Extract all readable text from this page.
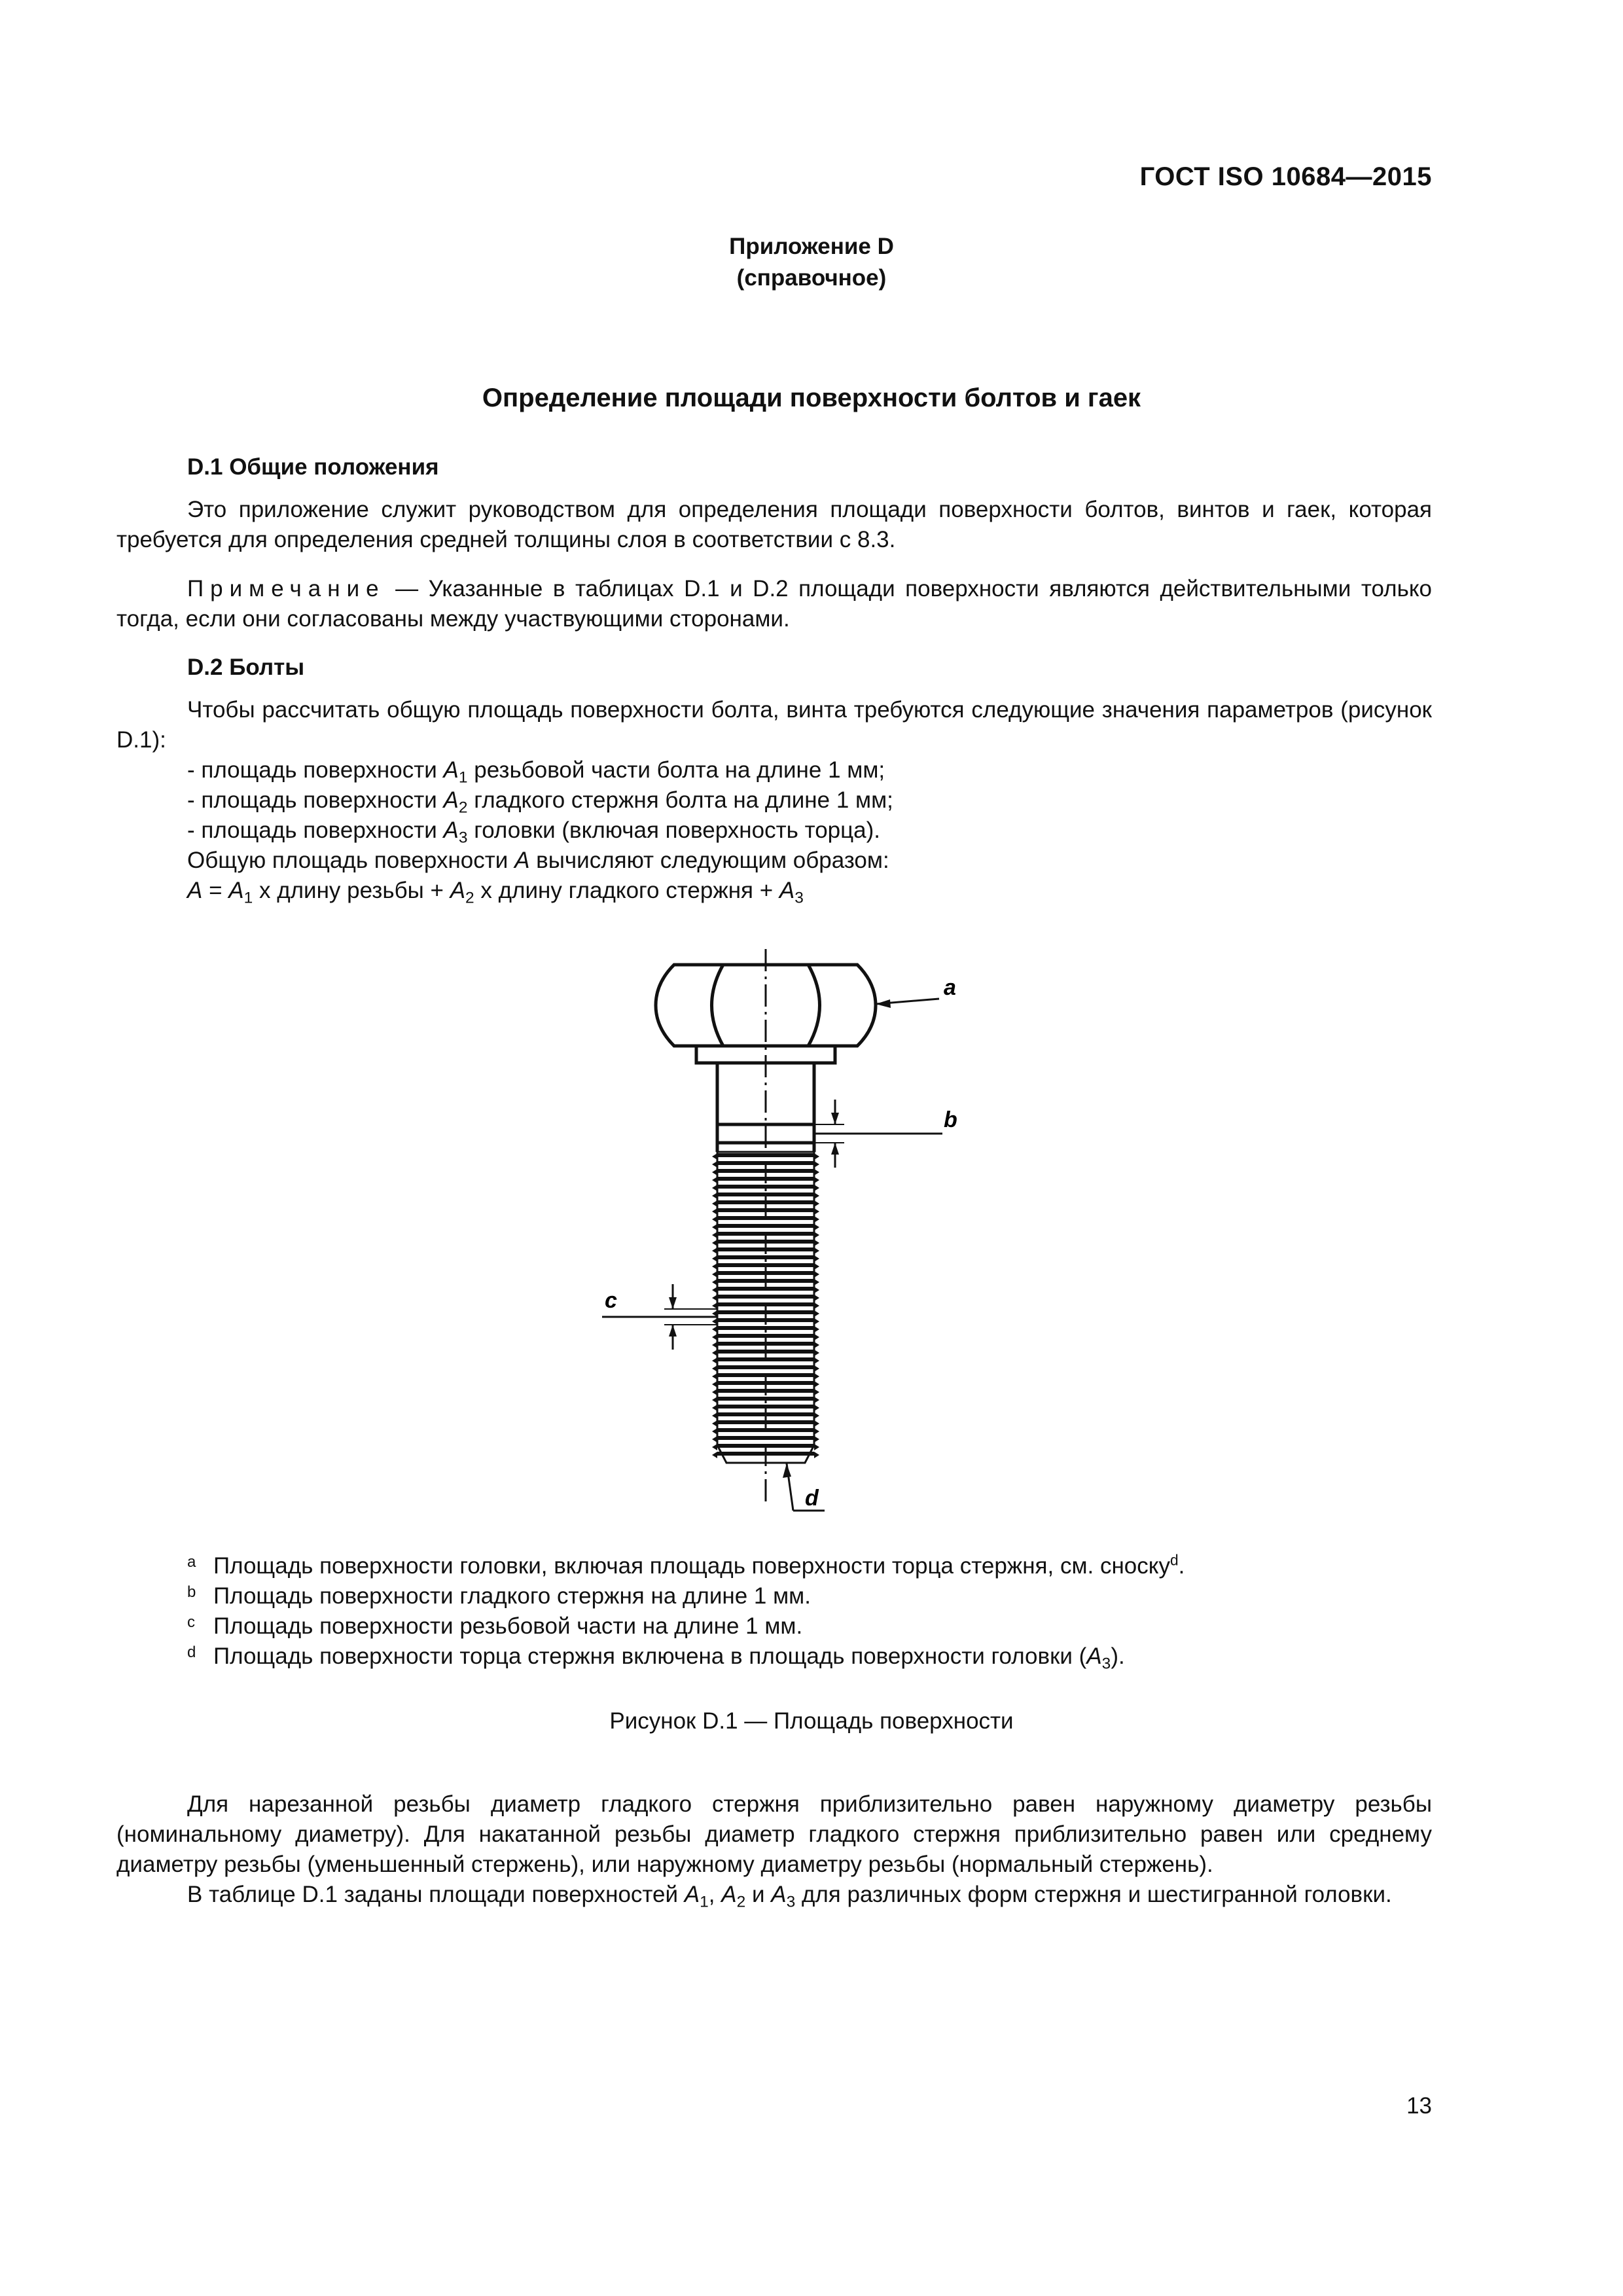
ГОСТ ISO 10684—2015
Приложение D
(справочное)
Определение площади поверхности болтов и гаек
D.1 Общие положения
Это приложение служит руководством для определения площади поверхности болтов, винтов и гаек, которая требуется для определения средней толщины слоя в соответствии с 8.3.
Примечание — Указанные в таблицах D.1 и D.2 площади поверхности являются действительными только тогда, если они согласованы между участвующими сторонами.
D.2 Болты
Чтобы рассчитать общую площадь поверхности болта, винта требуются следующие значения параметров (рисунок D.1):
- площадь поверхности $A_1$ резьбовой части болта на длине 1 мм;
- площадь поверхности $A_2$ гладкого стержня болта на длине 1 мм;
- площадь поверхности $A_3$ головки (включая поверхность торца).
Общую площадь поверхности A вычисляют следующим образом:
$A = A_1$ х длину резьбы + $A_2$ х длину гладкого стержня + $A_3$
a
b
c
d
a Площадь поверхности головки, включая площадь поверхности торца стержня, см. сноску$^d$.
b Площадь поверхности гладкого стержня на длине 1 мм.
c Площадь поверхности резьбовой части на длине 1 мм.
d Площадь поверхности торца стержня включена в площадь поверхности головки $(A_3)$.
Рисунок D.1 — Площадь поверхности
Для нарезанной резьбы диаметр гладкого стержня приблизительно равен наружному диаметру резьбы (номинальному диаметру). Для накатанной резьбы диаметр гладкого стержня приблизительно равен или среднему диаметру резьбы (уменьшенный стержень), или наружному диаметру резьбы (нормальный стержень).
В таблице D.1 заданы площади поверхностей $A_1$, $A_2$ и $A_3$ для различных форм стержня и шестигранной головки.
13
